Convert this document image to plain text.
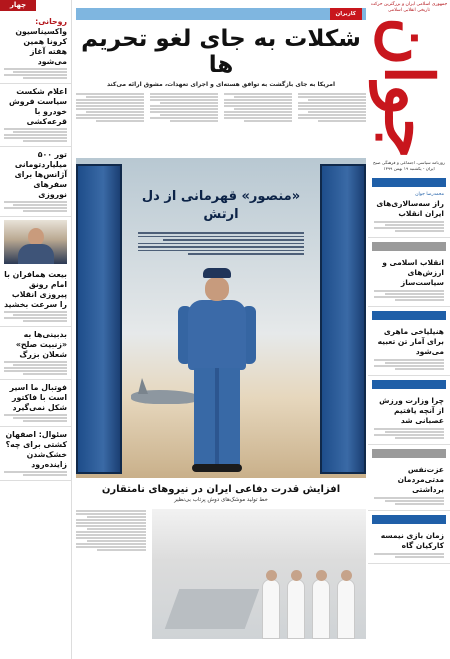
چهار
روحانی: واکسیناسیون کرونا همین هفته آغاز می‌شود
اعلام شکست سیاست فروش خودرو با قرعه‌کشی
تور ۵۰۰ میلیاردتومانی آژانس‌ها برای سفرهای نوروزی
بیعت همافران با امام رونق پیروزی انقلاب را سرعت بخشید
بدبینی‌ها به «زنبیت صلح» شعلان بزرگ
فوتبال ما اسیر است با فاکتور شکل نمی‌گیرد
سئوال: اصفهان کشتی برای چه؟ خشک‌شدن زاینده‌رود
کاربران
شکلات به جای لغو تحریم ها
امریکا به جای بازگشت به توافق هسته‌ای و اجرای تعهدات، مشوق ارائه می‌کند
«منصور» قهرمانی از دل ارتش
افزایش قدرت دفاعی ایران در نیروهای نامتقارن
خط تولید موشک‌های دوش پرتاب بی‌نظیر
جمهوری اسلامی ایران و بزرگترین حرکت تاریخی انقلابی اسلامی
جوان
روزنامه سیاسی، اجتماعی و فرهنگی صبح ایران - یکشنبه ۱۹ بهمن ۱۳۹۹
محمدرضا جوان
راز سه‌سالاری‌های ایران انقلاب
انقلاب اسلامی و ارزش‌های سیاست‌ساز
هنیلیاخی ماهری برای آمار تن تعبیه می‌شود
چرا وزارت ورزش از آنچه یافتیم عصبانی شد
عزت‌نفس مدتی‌مردمان برداشتی
زمان بازی نیمسه کارکیان گاه
